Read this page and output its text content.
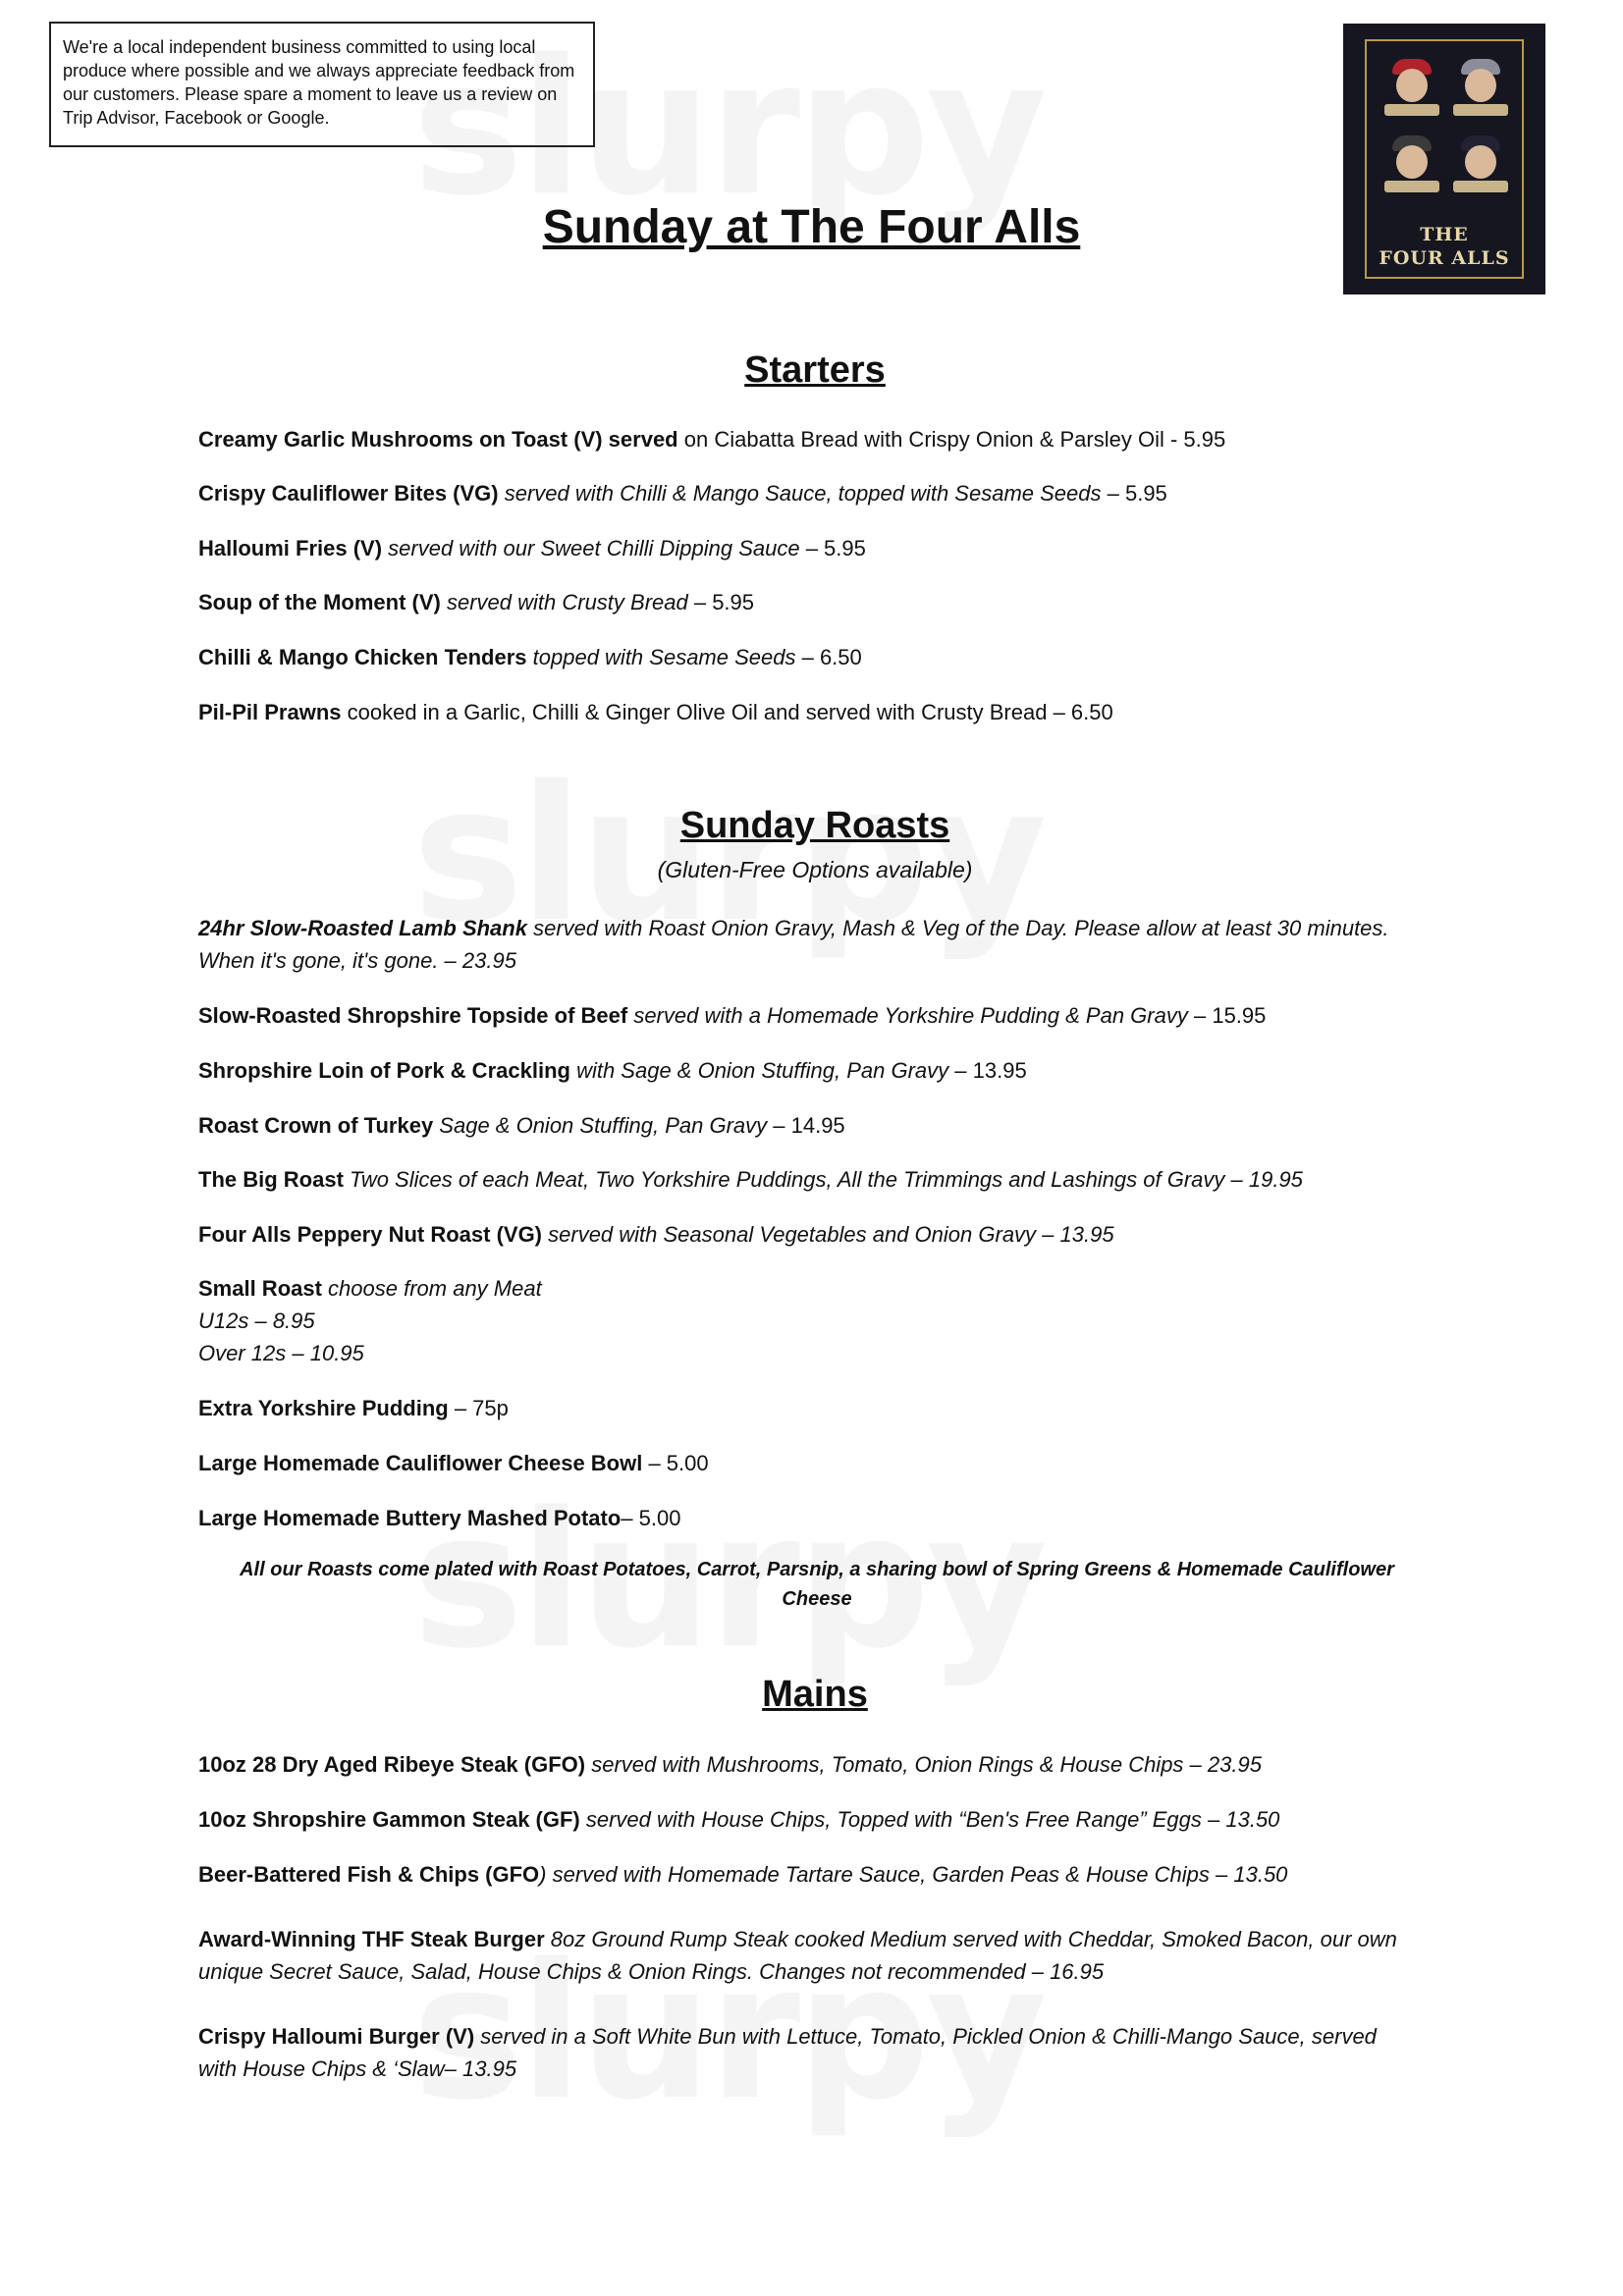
We're a local independent business committed to using local produce where possible and we always appreciate feedback from our customers. Please spare a moment to leave us a review on Trip Advisor, Facebook or Google.
THE
FOUR ALLS
Sunday at The Four Alls
Starters
Creamy Garlic Mushrooms on Toast (V) served on Ciabatta Bread with Crispy Onion & Parsley Oil - 5.95
Crispy Cauliflower Bites (VG) served with Chilli & Mango Sauce, topped with Sesame Seeds – 5.95
Halloumi Fries (V) served with our Sweet Chilli Dipping Sauce – 5.95
Soup of the Moment (V) served with Crusty Bread – 5.95
Chilli & Mango Chicken Tenders topped with Sesame Seeds – 6.50
Pil-Pil Prawns cooked in a Garlic, Chilli & Ginger Olive Oil and served with Crusty Bread – 6.50
Sunday Roasts
(Gluten-Free Options available)
24hr Slow-Roasted Lamb Shank served with Roast Onion Gravy, Mash & Veg of the Day. Please allow at least 30 minutes. When it's gone, it's gone. – 23.95
Slow-Roasted Shropshire Topside of Beef served with a Homemade Yorkshire Pudding & Pan Gravy – 15.95
Shropshire Loin of Pork & Crackling with Sage & Onion Stuffing, Pan Gravy – 13.95
Roast Crown of Turkey Sage & Onion Stuffing, Pan Gravy – 14.95
The Big Roast Two Slices of each Meat, Two Yorkshire Puddings, All the Trimmings and Lashings of Gravy – 19.95
Four Alls Peppery Nut Roast (VG) served with Seasonal Vegetables and Onion Gravy – 13.95
Small Roast choose from any Meat
U12s – 8.95
Over 12s – 10.95
Extra Yorkshire Pudding – 75p
Large Homemade Cauliflower Cheese Bowl – 5.00
Large Homemade Buttery Mashed Potato– 5.00
All our Roasts come plated with Roast Potatoes, Carrot, Parsnip, a sharing bowl of Spring Greens & Homemade Cauliflower Cheese
Mains
10oz 28 Dry Aged Ribeye Steak (GFO) served with Mushrooms, Tomato, Onion Rings & House Chips – 23.95
10oz Shropshire Gammon Steak (GF) served with House Chips, Topped with “Ben's Free Range” Eggs – 13.50
Beer-Battered Fish & Chips (GFO) served with Homemade Tartare Sauce, Garden Peas & House Chips – 13.50
Award-Winning THF Steak Burger 8oz Ground Rump Steak cooked Medium served with Cheddar, Smoked Bacon, our own unique Secret Sauce, Salad, House Chips & Onion Rings. Changes not recommended – 16.95
Crispy Halloumi Burger (V) served in a Soft White Bun with Lettuce, Tomato, Pickled Onion & Chilli-Mango Sauce, served with House Chips & ‘Slaw– 13.95
